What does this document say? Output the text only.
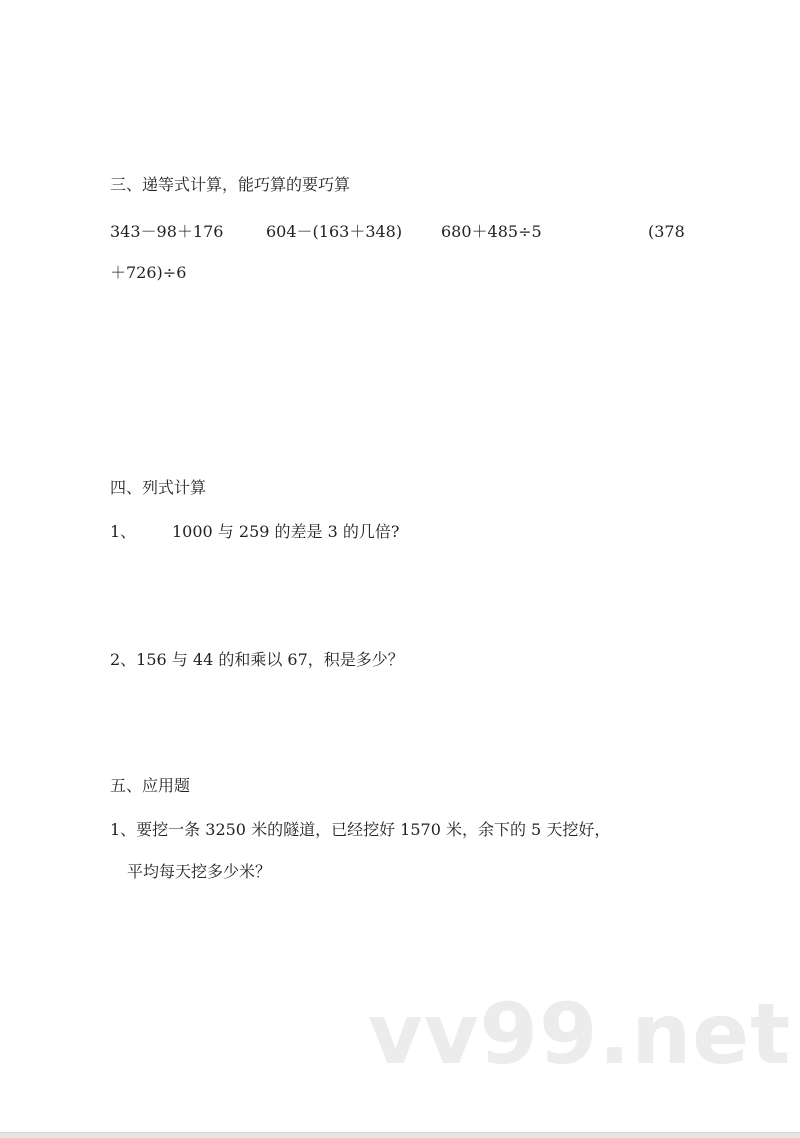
三、递等式计算，能巧算的要巧算
343－98＋176	604－(163＋348) 680＋485÷5	(378
＋726)÷6
四、列式计算
1、 1000 与 259 的差是 3 的几倍?
2、156 与 44 的和乘以 67，积是多少？
五、应用题
1、要挖一条 3250 米的隧道，已经挖好 1570 米，余下的 5 天挖好，
平均每天挖多少米？
vv99.net
